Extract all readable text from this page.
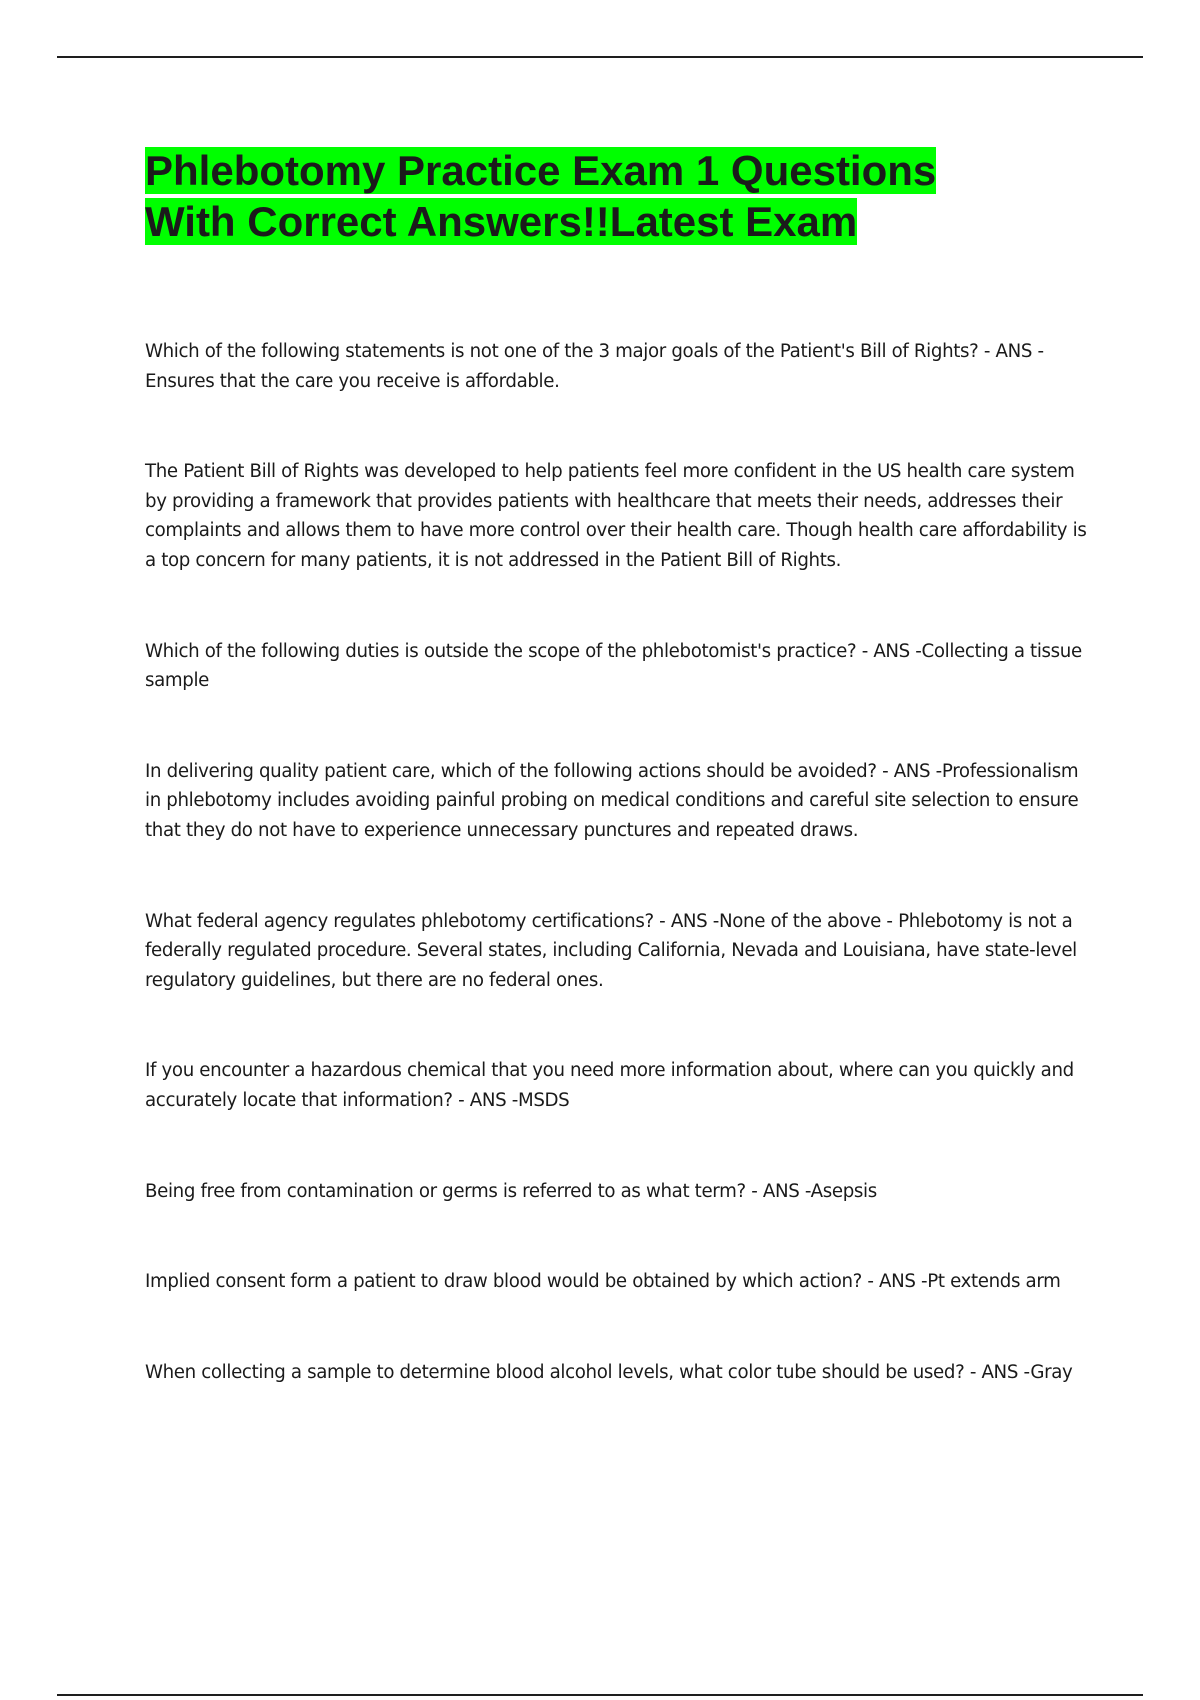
Phlebotomy Practice Exam 1 Questions
With Correct Answers!!Latest Exam

Which of the following statements is not one of the 3 major goals of the Patient's Bill of Rights? - ANS -Ensures that the care you receive is affordable.

The Patient Bill of Rights was developed to help patients feel more confident in the US health care system by providing a framework that provides patients with healthcare that meets their needs, addresses their complaints and allows them to have more control over their health care. Though health care affordability is a top concern for many patients, it is not addressed in the Patient Bill of Rights.

Which of the following duties is outside the scope of the phlebotomist's practice? - ANS -Collecting a tissue sample

In delivering quality patient care, which of the following actions should be avoided? - ANS -Professionalism in phlebotomy includes avoiding painful probing on medical conditions and careful site selection to ensure that they do not have to experience unnecessary punctures and repeated draws.

What federal agency regulates phlebotomy certifications? - ANS -None of the above - Phlebotomy is not a federally regulated procedure. Several states, including California, Nevada and Louisiana, have state-level regulatory guidelines, but there are no federal ones.

If you encounter a hazardous chemical that you need more information about, where can you quickly and accurately locate that information? - ANS -MSDS

Being free from contamination or germs is referred to as what term? - ANS -Asepsis

Implied consent form a patient to draw blood would be obtained by which action? - ANS -Pt extends arm

When collecting a sample to determine blood alcohol levels, what color tube should be used? - ANS -Gray
